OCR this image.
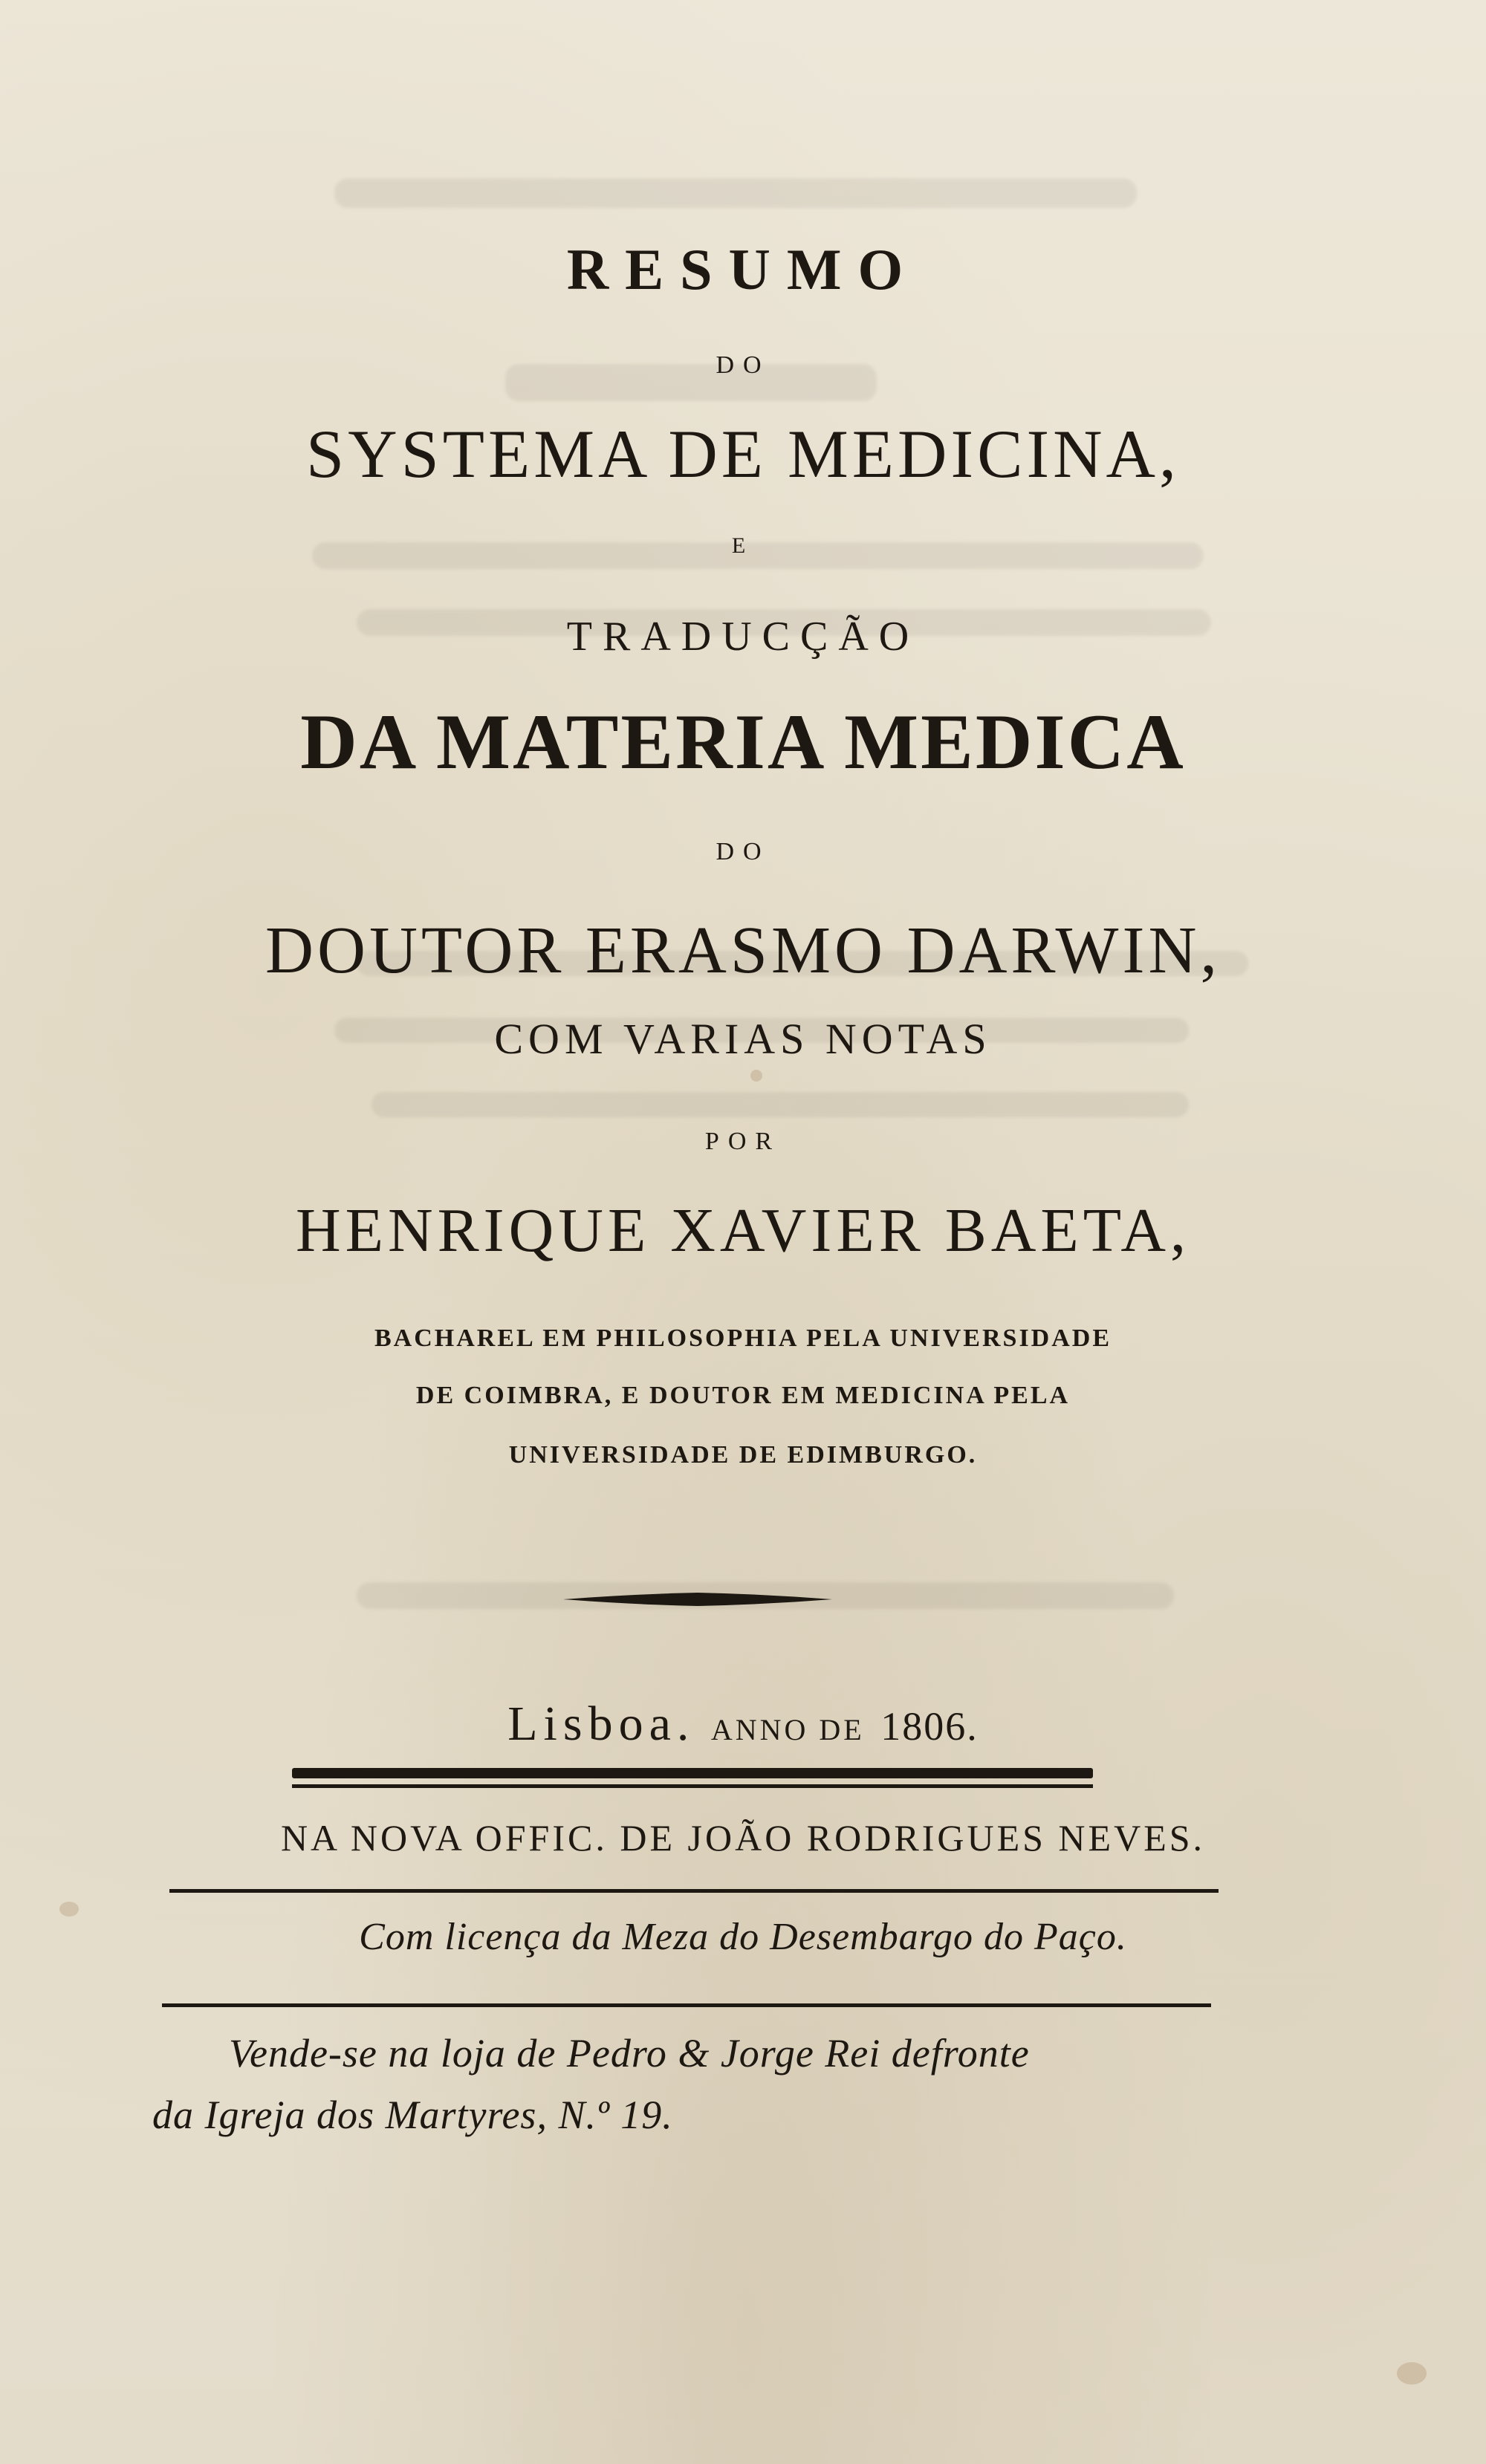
RESUMO
DO
SYSTEMA DE MEDICINA,
E
TRADUCÇÃO
DA MATERIA MEDICA
DO
DOUTOR ERASMO DARWIN,
COM VARIAS NOTAS
POR
HENRIQUE XAVIER BAETA,
BACHAREL EM PHILOSOPHIA PELA UNIVERSIDADE
DE COIMBRA, E DOUTOR EM MEDICINA PELA
UNIVERSIDADE DE EDIMBURGO.
Lisboa. ANNO DE 1806.
NA NOVA OFFIC. DE JOÃO RODRIGUES NEVES.
Com licença da Meza do Desembargo do Paço.
Vende-se na loja de Pedro & Jorge Rei defronte
da Igreja dos Martyres, N.º 19.
